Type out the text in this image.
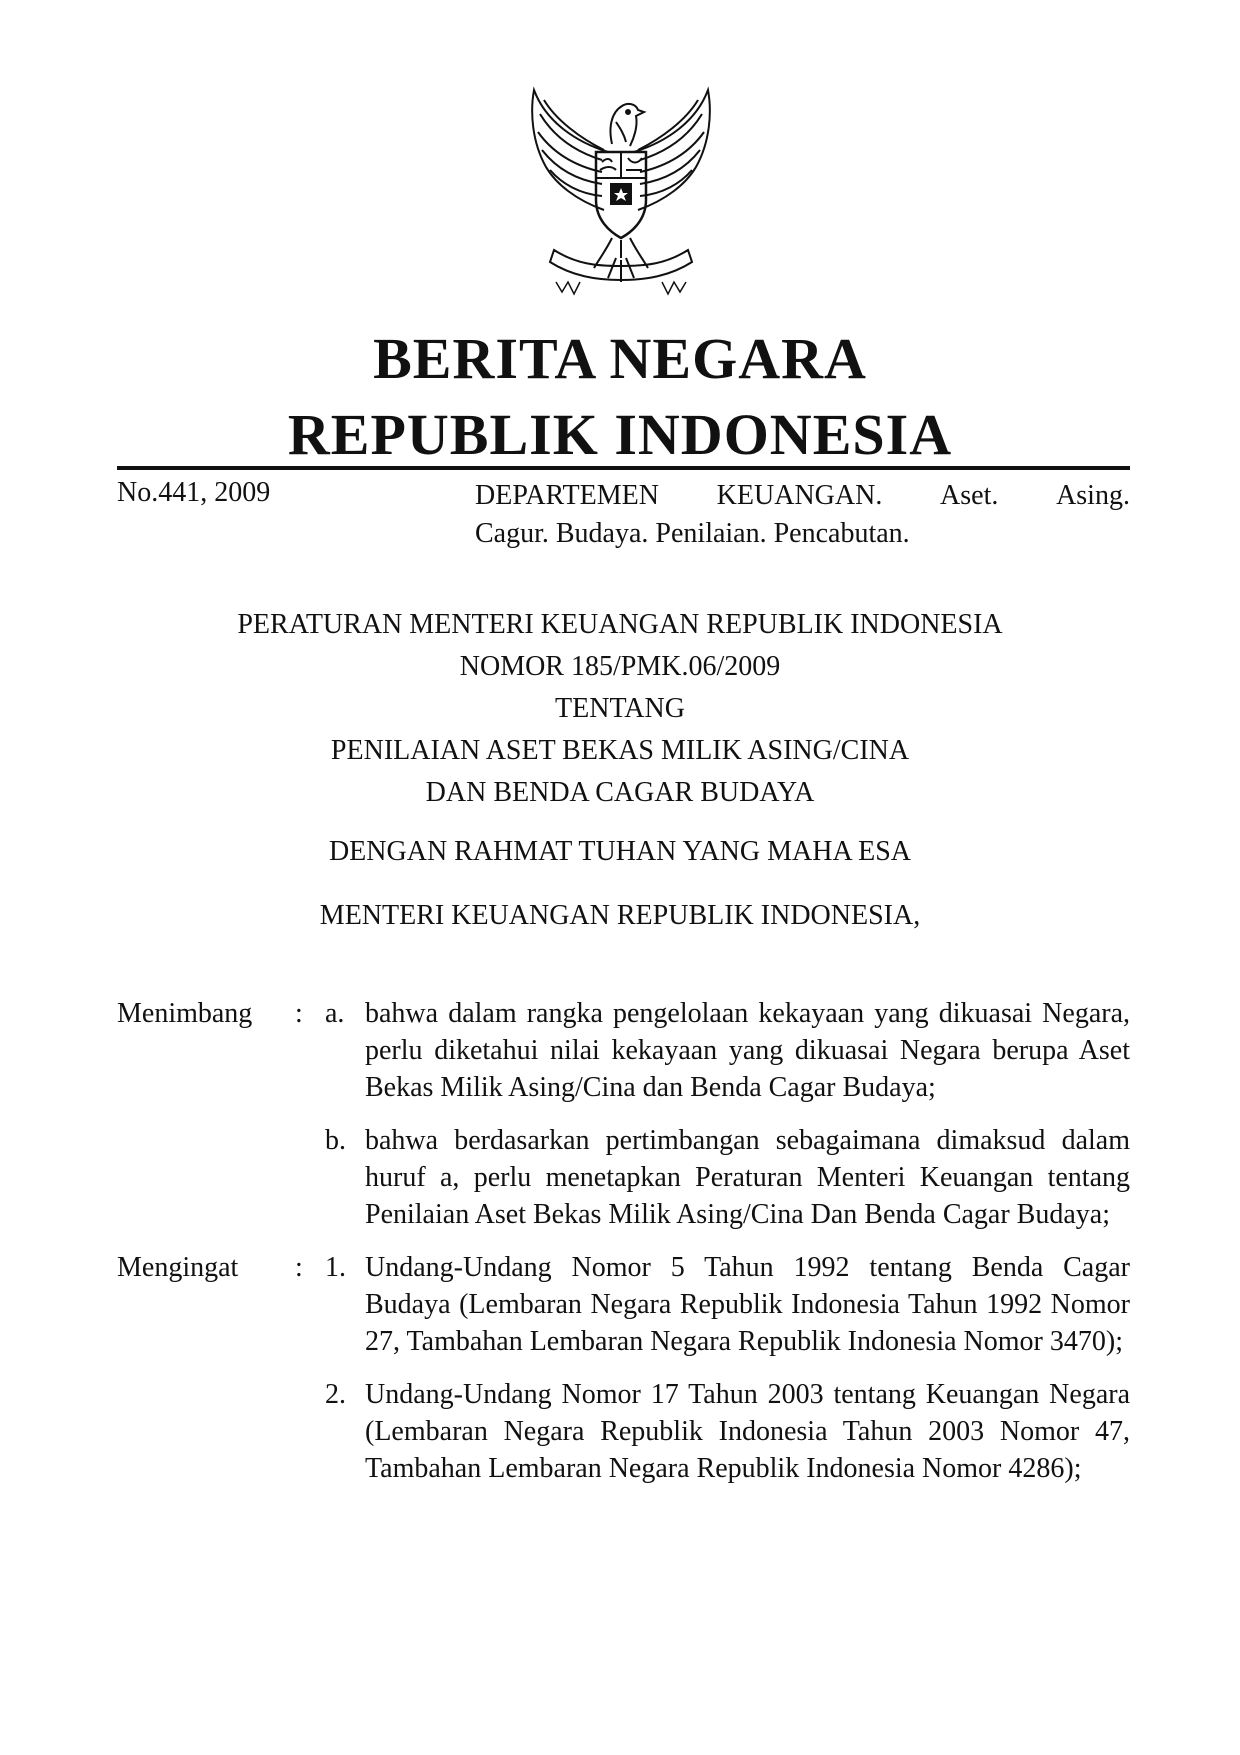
BERITA NEGARA
REPUBLIK INDONESIA
No.441, 2009	DEPARTEMEN KEUANGAN. Aset. Asing.
Cagur. Budaya. Penilaian. Pencabutan.
PERATURAN MENTERI KEUANGAN REPUBLIK INDONESIA
NOMOR 185/PMK.06/2009
TENTANG
PENILAIAN ASET BEKAS MILIK ASING/CINA
DAN BENDA CAGAR BUDAYA
DENGAN RAHMAT TUHAN YANG MAHA ESA
MENTERI KEUANGAN REPUBLIK INDONESIA,
Menimbang	: a. bahwa dalam rangka pengelolaan kekayaan yang dikuasai Negara, perlu diketahui nilai kekayaan yang dikuasai Negara berupa Aset Bekas Milik Asing/Cina dan Benda Cagar Budaya;
b. bahwa berdasarkan pertimbangan sebagaimana dimaksud dalam huruf a, perlu menetapkan Peraturan Menteri Keuangan tentang Penilaian Aset Bekas Milik Asing/Cina Dan Benda Cagar Budaya;
Mengingat	: 1. Undang-Undang Nomor 5 Tahun 1992 tentang Benda Cagar Budaya (Lembaran Negara Republik Indonesia Tahun 1992 Nomor 27, Tambahan Lembaran Negara Republik Indonesia Nomor 3470);
2. Undang-Undang Nomor 17 Tahun 2003 tentang Keuangan Negara (Lembaran Negara Republik Indonesia Tahun 2003 Nomor 47, Tambahan Lembaran Negara Republik Indonesia Nomor 4286);
